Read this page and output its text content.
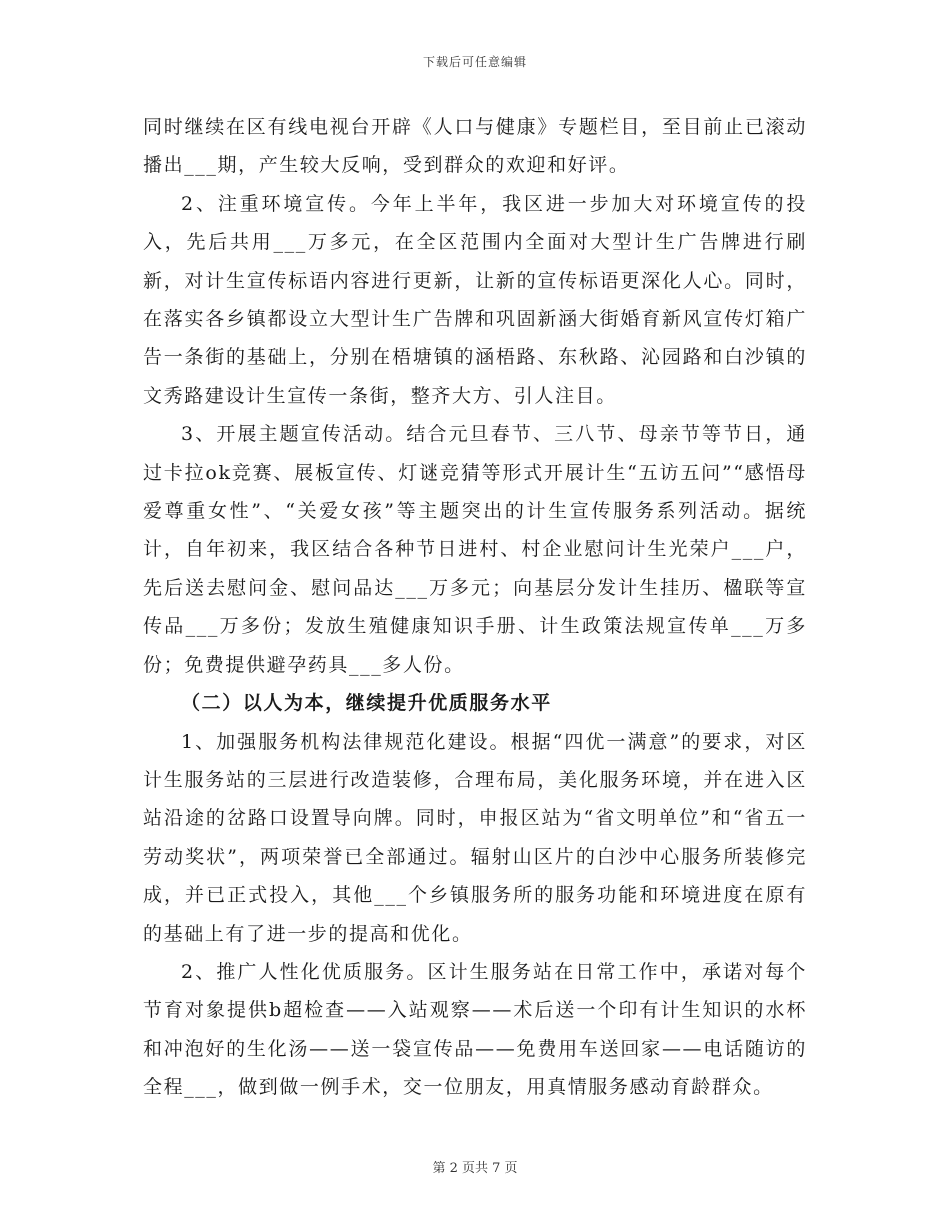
下载后可任意编辑

同时继续在区有线电视台开辟《人口与健康》专题栏目，至目前止已滚动播出___期，产生较大反响，受到群众的欢迎和好评。

2、注重环境宣传。今年上半年，我区进一步加大对环境宣传的投入，先后共用___万多元，在全区范围内全面对大型计生广告牌进行刷新，对计生宣传标语内容进行更新，让新的宣传标语更深化人心。同时，在落实各乡镇都设立大型计生广告牌和巩固新涵大街婚育新风宣传灯箱广告一条街的基础上，分别在梧塘镇的涵梧路、东秋路、沁园路和白沙镇的文秀路建设计生宣传一条街，整齐大方、引人注目。

3、开展主题宣传活动。结合元旦春节、三八节、母亲节等节日，通过卡拉ok竞赛、展板宣传、灯谜竞猜等形式开展计生“五访五问”“感悟母爱尊重女性”、“关爱女孩”等主题突出的计生宣传服务系列活动。据统计，自年初来，我区结合各种节日进村、村企业慰问计生光荣户___户，先后送去慰问金、慰问品达___万多元；向基层分发计生挂历、楹联等宣传品___万多份；发放生殖健康知识手册、计生政策法规宣传单___万多份；免费提供避孕药具___多人份。

（二）以人为本，继续提升优质服务水平

1、加强服务机构法律规范化建设。根据“四优一满意”的要求，对区计生服务站的三层进行改造装修，合理布局，美化服务环境，并在进入区站沿途的岔路口设置导向牌。同时，申报区站为“省文明单位”和“省五一劳动奖状”，两项荣誉已全部通过。辐射山区片的白沙中心服务所装修完成，并已正式投入，其他___个乡镇服务所的服务功能和环境进度在原有的基础上有了进一步的提高和优化。

2、推广人性化优质服务。区计生服务站在日常工作中，承诺对每个节育对象提供b超检查——入站观察——术后送一个印有计生知识的水杯和冲泡好的生化汤——送一袋宣传品——免费用车送回家——电话随访的全程___，做到做一例手术，交一位朋友，用真情服务感动育龄群众。

第 2 页共 7 页
